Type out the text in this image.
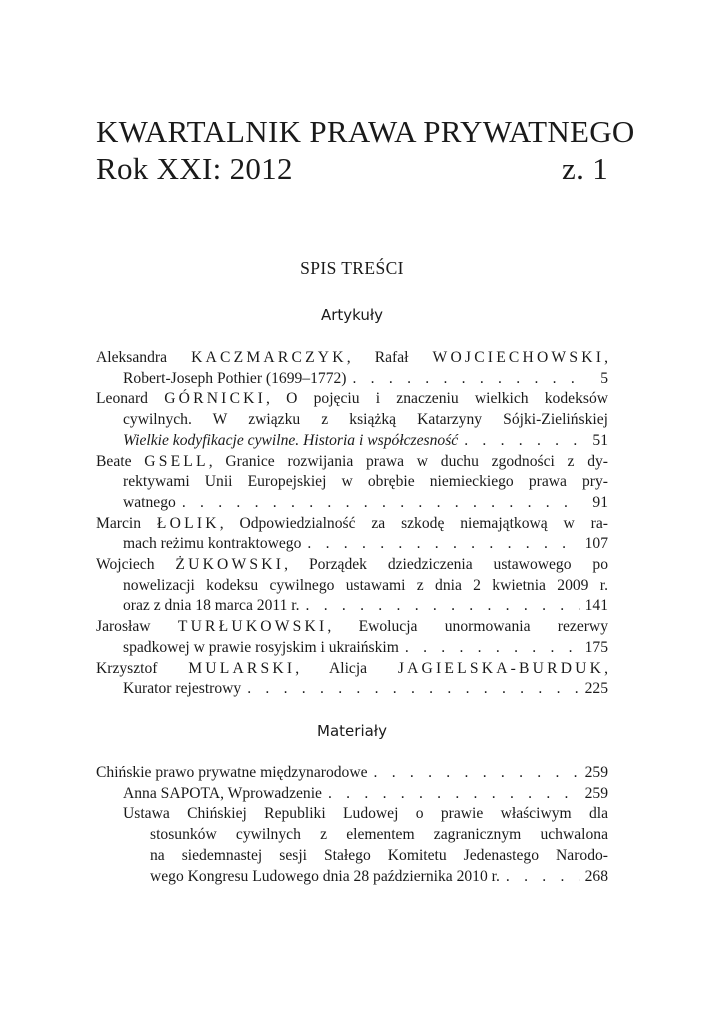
KWARTALNIK PRAWA PRYWATNEGO
Rok XXI: 2012	z. 1
SPIS TREŚCI
Artykuły
Aleksandra KACZMARCZYK, Rafał WOJCIECHOWSKI,
Robert-Joseph Pothier (1699–1772) . . .	5
Leonard GÓRNICKI, O pojęciu i znaczeniu wielkich kodeksów
cywilnych. W związku z książką Katarzyny Sójki-Zielińskiej
Wielkie kodyfikacje cywilne. Historia i współczesność . . .	51
Beate GSELL, Granice rozwijania prawa w duchu zgodności z dy-
rektywami Unii Europejskiej w obrębie niemieckiego prawa pry-
watnego . . .	91
Marcin ŁOLIK, Odpowiedzialność za szkodę niemajątkową w ra-
mach reżimu kontraktowego . . .	107
Wojciech ŻUKOWSKI, Porządek dziedziczenia ustawowego po
nowelizacji kodeksu cywilnego ustawami z dnia 2 kwietnia 2009 r.
oraz z dnia 18 marca 2011 r. . . .	141
Jarosław TURŁUKOWSKI, Ewolucja unormowania rezerwy
spadkowej w prawie rosyjskim i ukraińskim . . .	175
Krzysztof MULARSKI, Alicja JAGIELSKA-BURDUK,
Kurator rejestrowy . . .	225
Materiały
Chińskie prawo prywatne międzynarodowe . . .	259
Anna SAPOTA, Wprowadzenie . . .	259
Ustawa Chińskiej Republiki Ludowej o prawie właściwym dla
stosunków cywilnych z elementem zagranicznym uchwalona
na siedemnastej sesji Stałego Komitetu Jedenastego Narodo-
wego Kongresu Ludowego dnia 28 października 2010 r. . . .	268
